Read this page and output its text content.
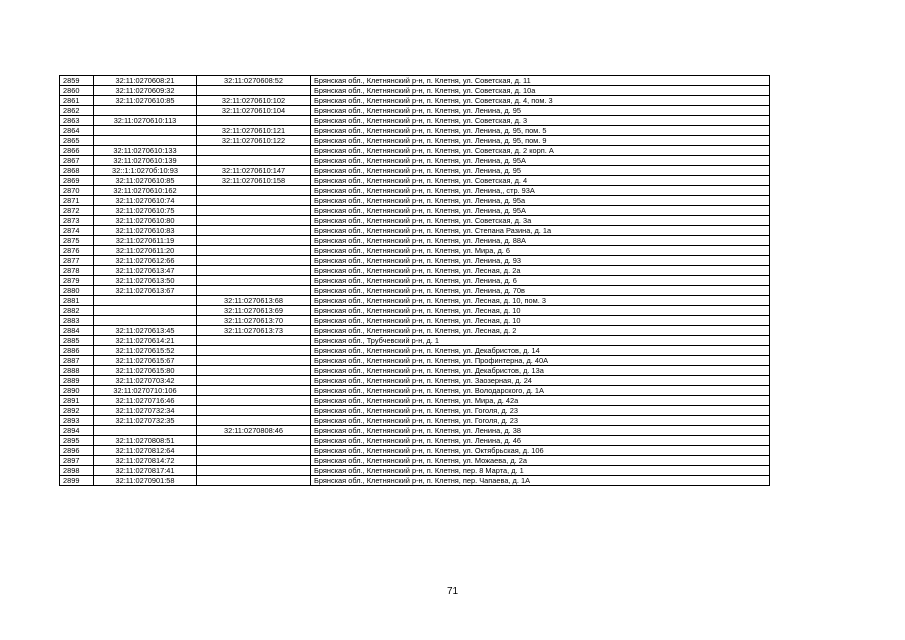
2859	32:11:0270608:21	32:11:0270608:52	Брянская обл., Клетнянский р-н, п. Клетня, ул. Советская, д. 11
2860	32:11:0270609:32		Брянская обл., Клетнянский р-н, п. Клетня, ул. Советская, д. 10а
2861	32:11:0270610:85	32:11:0270610:102	Брянская обл., Клетнянский р-н, п. Клетня, ул. Советская, д. 4, пом. 3
2862		32:11:0270610:104	Брянская обл., Клетнянский р-н, п. Клетня, ул. Ленина, д. 95
2863	32:11:0270610:113		Брянская обл., Клетнянский р-н, п. Клетня, ул. Советская, д. 3
2864		32:11:0270610:121	Брянская обл., Клетнянский р-н, п. Клетня, ул. Ленина, д. 95, пом. 5
2865		32:11:0270610:122	Брянская обл., Клетнянский р-н, п. Клетня, ул. Ленина, д. 95, пом. 9
2866	32:11:0270610:133		Брянская обл., Клетнянский р-н, п. Клетня, ул. Советская, д. 2 корп. А
2867	32:11:0270610:139		Брянская обл., Клетнянский р-н, п. Клетня, ул. Ленина, д. 95А
2868	32::1:1:0270б:10:93	32:11:0270610:147	Брянская обл., Клетнянский р-н, п. Клетня, ул. Ленина, д. 95
2869	32:11:0270610:85	32:11:0270610:158	Брянская обл., Клетнянский р-н, п. Клетня, ул. Советская, д. 4
2870	32:11:0270610:162		Брянская обл., Клетнянский р-н, п. Клетня, ул. Ленина,, стр. 93А
2871	32:11:0270610:74		Брянская обл., Клетнянский р-н, п. Клетня, ул. Ленина, д. 95а
2872	32:11:0270610:75		Брянская обл., Клетнянский р-н, п. Клетня, ул. Ленина, д. 95А
2873	32:11:0270610:80		Брянская обл., Клетнянский р-н, п. Клетня, ул. Советская, д. 3а
2874	32:11:0270610:83		Брянская обл., Клетнянский р-н, п. Клетня, ул. Степана Разина, д. 1а
2875	32:11:0270611:19		Брянская обл., Клетнянский р-н, п. Клетня, ул. Ленина, д. 88А
2876	32:11:0270611:20		Брянская обл., Клетнянский р-н, п. Клетня, ул. Мира, д. 6
2877	32:11:0270612:66		Брянская обл., Клетнянский р-н, п. Клетня, ул. Ленина, д. 93
2878	32:11:0270613:47		Брянская обл., Клетнянский р-н, п. Клетня, ул. Лесная, д. 2а
2879	32:11:0270613:50		Брянская обл., Клетнянский р-н, п. Клетня, ул. Ленина, д. 6
2880	32:11:0270613:67		Брянская обл., Клетнянский р-н, п. Клетня, ул. Ленина, д. 70в
2881		32:11:0270613:68	Брянская обл., Клетнянский р-н, п. Клетня, ул. Лесная, д. 10, пом. 3
2882		32:11:0270613:69	Брянская обл., Клетнянский р-н, п. Клетня, ул. Лесная, д. 10
2883		32:11:0270613:70	Брянская обл., Клетнянский р-н, п. Клетня, ул. Лесная, д. 10
2884	32:11:0270613:45	32:11:0270613:73	Брянская обл., Клетнянский р-н, п. Клетня, ул. Лесная, д. 2
2885	32:11:0270614:21		Брянская обл., Трубчевский р-н, д. 1
2886	32:11:0270615:52		Брянская обл., Клетнянский р-н, п. Клетня, ул. Декабристов, д. 14
2887	32:11:0270615:67		Брянская обл., Клетнянский р-н, п. Клетня, ул. Профинтерна, д. 40А
2888	32:11:0270615:80		Брянская обл., Клетнянский р-н, п. Клетня, ул. Декабристов, д. 13а
2889	32:11:0270703:42		Брянская обл., Клетнянский р-н, п. Клетня, ул. Заозерная, д. 24
2890	32:11:0270710:106		Брянская обл., Клетнянский р-н, п. Клетня, ул. Володарского, д. 1А
2891	32:11:0270716:46		Брянская обл., Клетнянский р-н, п. Клетня, ул. Мира, д. 42а
2892	32:11:0270732:34		Брянская обл., Клетнянский р-н, п. Клетня, ул. Гоголя, д. 23
2893	32:11:0270732:35		Брянская обл., Клетнянский р-н, п. Клетня, ул. Гоголя, д. 23
2894		32:11:0270808:46	Брянская обл., Клетнянский р-н, п. Клетня, ул. Ленина, д. 38
2895	32:11:0270808:51		Брянская обл., Клетнянский р-н, п. Клетня, ул. Ленина, д. 46
2896	32:11:0270812:64		Брянская обл., Клетнянский р-н, п. Клетня, ул. Октябрьская, д. 106
2897	32:11:0270814:72		Брянская обл., Клетнянский р-н, п. Клетня, ул. Можаева, д. 2а
2898	32:11:0270817:41		Брянская обл., Клетнянский р-н, п. Клетня, пер. 8 Марта, д. 1
2899	32:11:0270901:58		Брянская обл., Клетнянский р-н, п. Клетня, пер. Чапаева, д. 1А
71
